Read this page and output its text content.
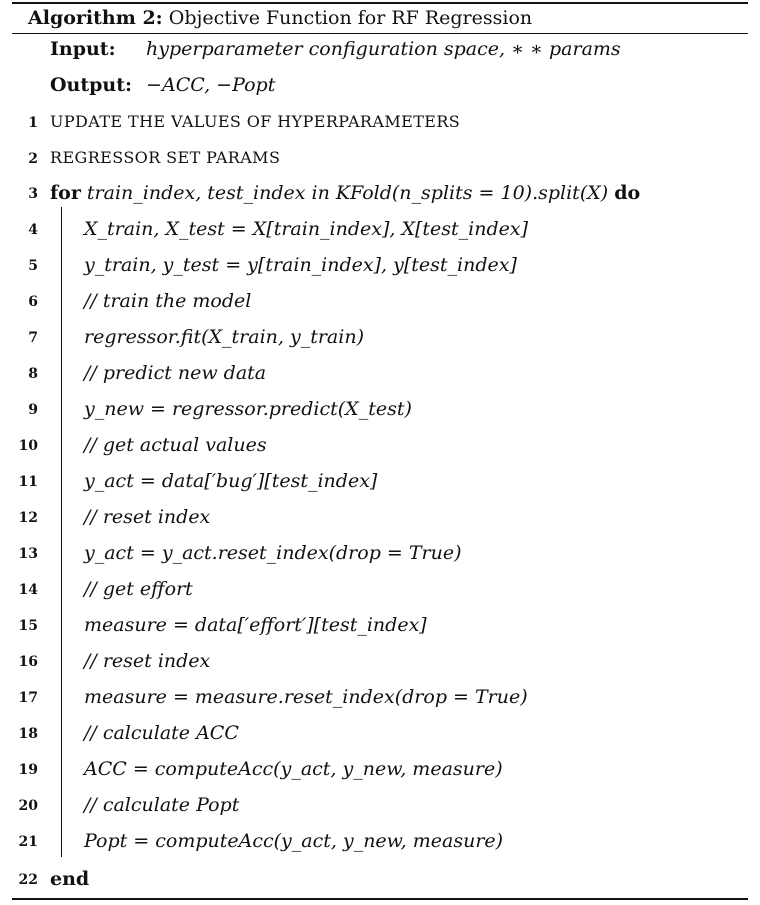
Algorithm 2: Objective Function for RF Regression
Input: hyperparameter configuration space, ∗ ∗ params
Output: −ACC, −Popt
1 UPDATE THE VALUES OF HYPERPARAMETERS
2 REGRESSOR SET PARAMS
3 for train_index, test_index in KFold(n_splits = 10).split(X) do
4 X_train, X_test = X[train_index], X[test_index]
5 y_train, y_test = y[train_index], y[test_index]
6 // train the model
7 regressor.fit(X_train, y_train)
8 // predict new data
9 y_new = regressor.predict(X_test)
10 // get actual values
11 y_act = data[′bug′][test_index]
12 // reset index
13 y_act = y_act.reset_index(drop = True)
14 // get effort
15 measure = data[′effort′][test_index]
16 // reset index
17 measure = measure.reset_index(drop = True)
18 // calculate ACC
19 ACC = computeAcc(y_act, y_new, measure)
20 // calculate Popt
21 Popt = computeAcc(y_act, y_new, measure)
22 end
